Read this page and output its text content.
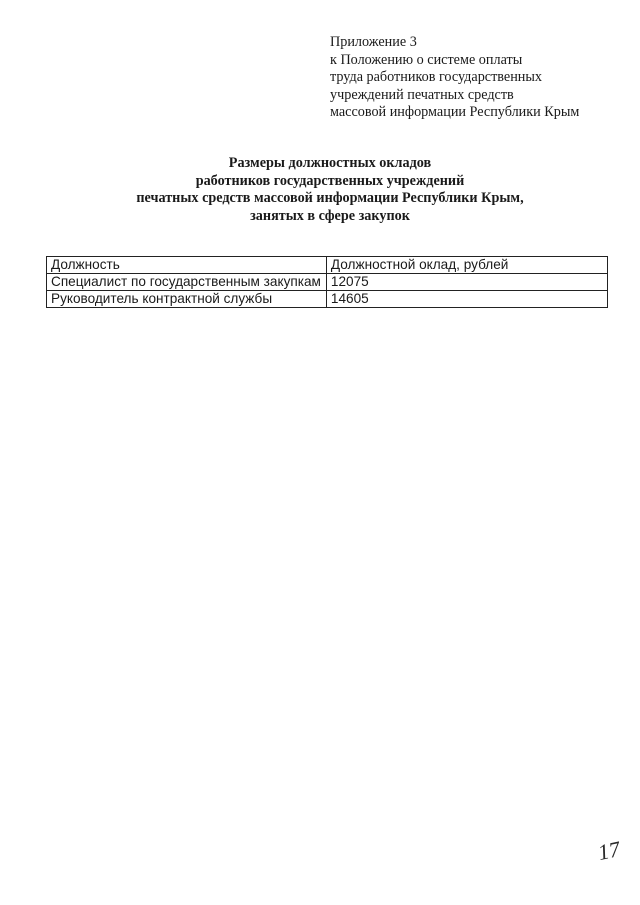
Приложение 3
к Положению о системе оплаты
труда работников государственных
учреждений печатных средств
массовой информации Республики Крым
Размеры должностных окладов
работников государственных учреждений
печатных средств массовой информации Республики Крым,
занятых в сфере закупок
Должность	Должностной оклад, рублей
Специалист по государственным закупкам	12075
Руководитель контрактной службы	14605
17
